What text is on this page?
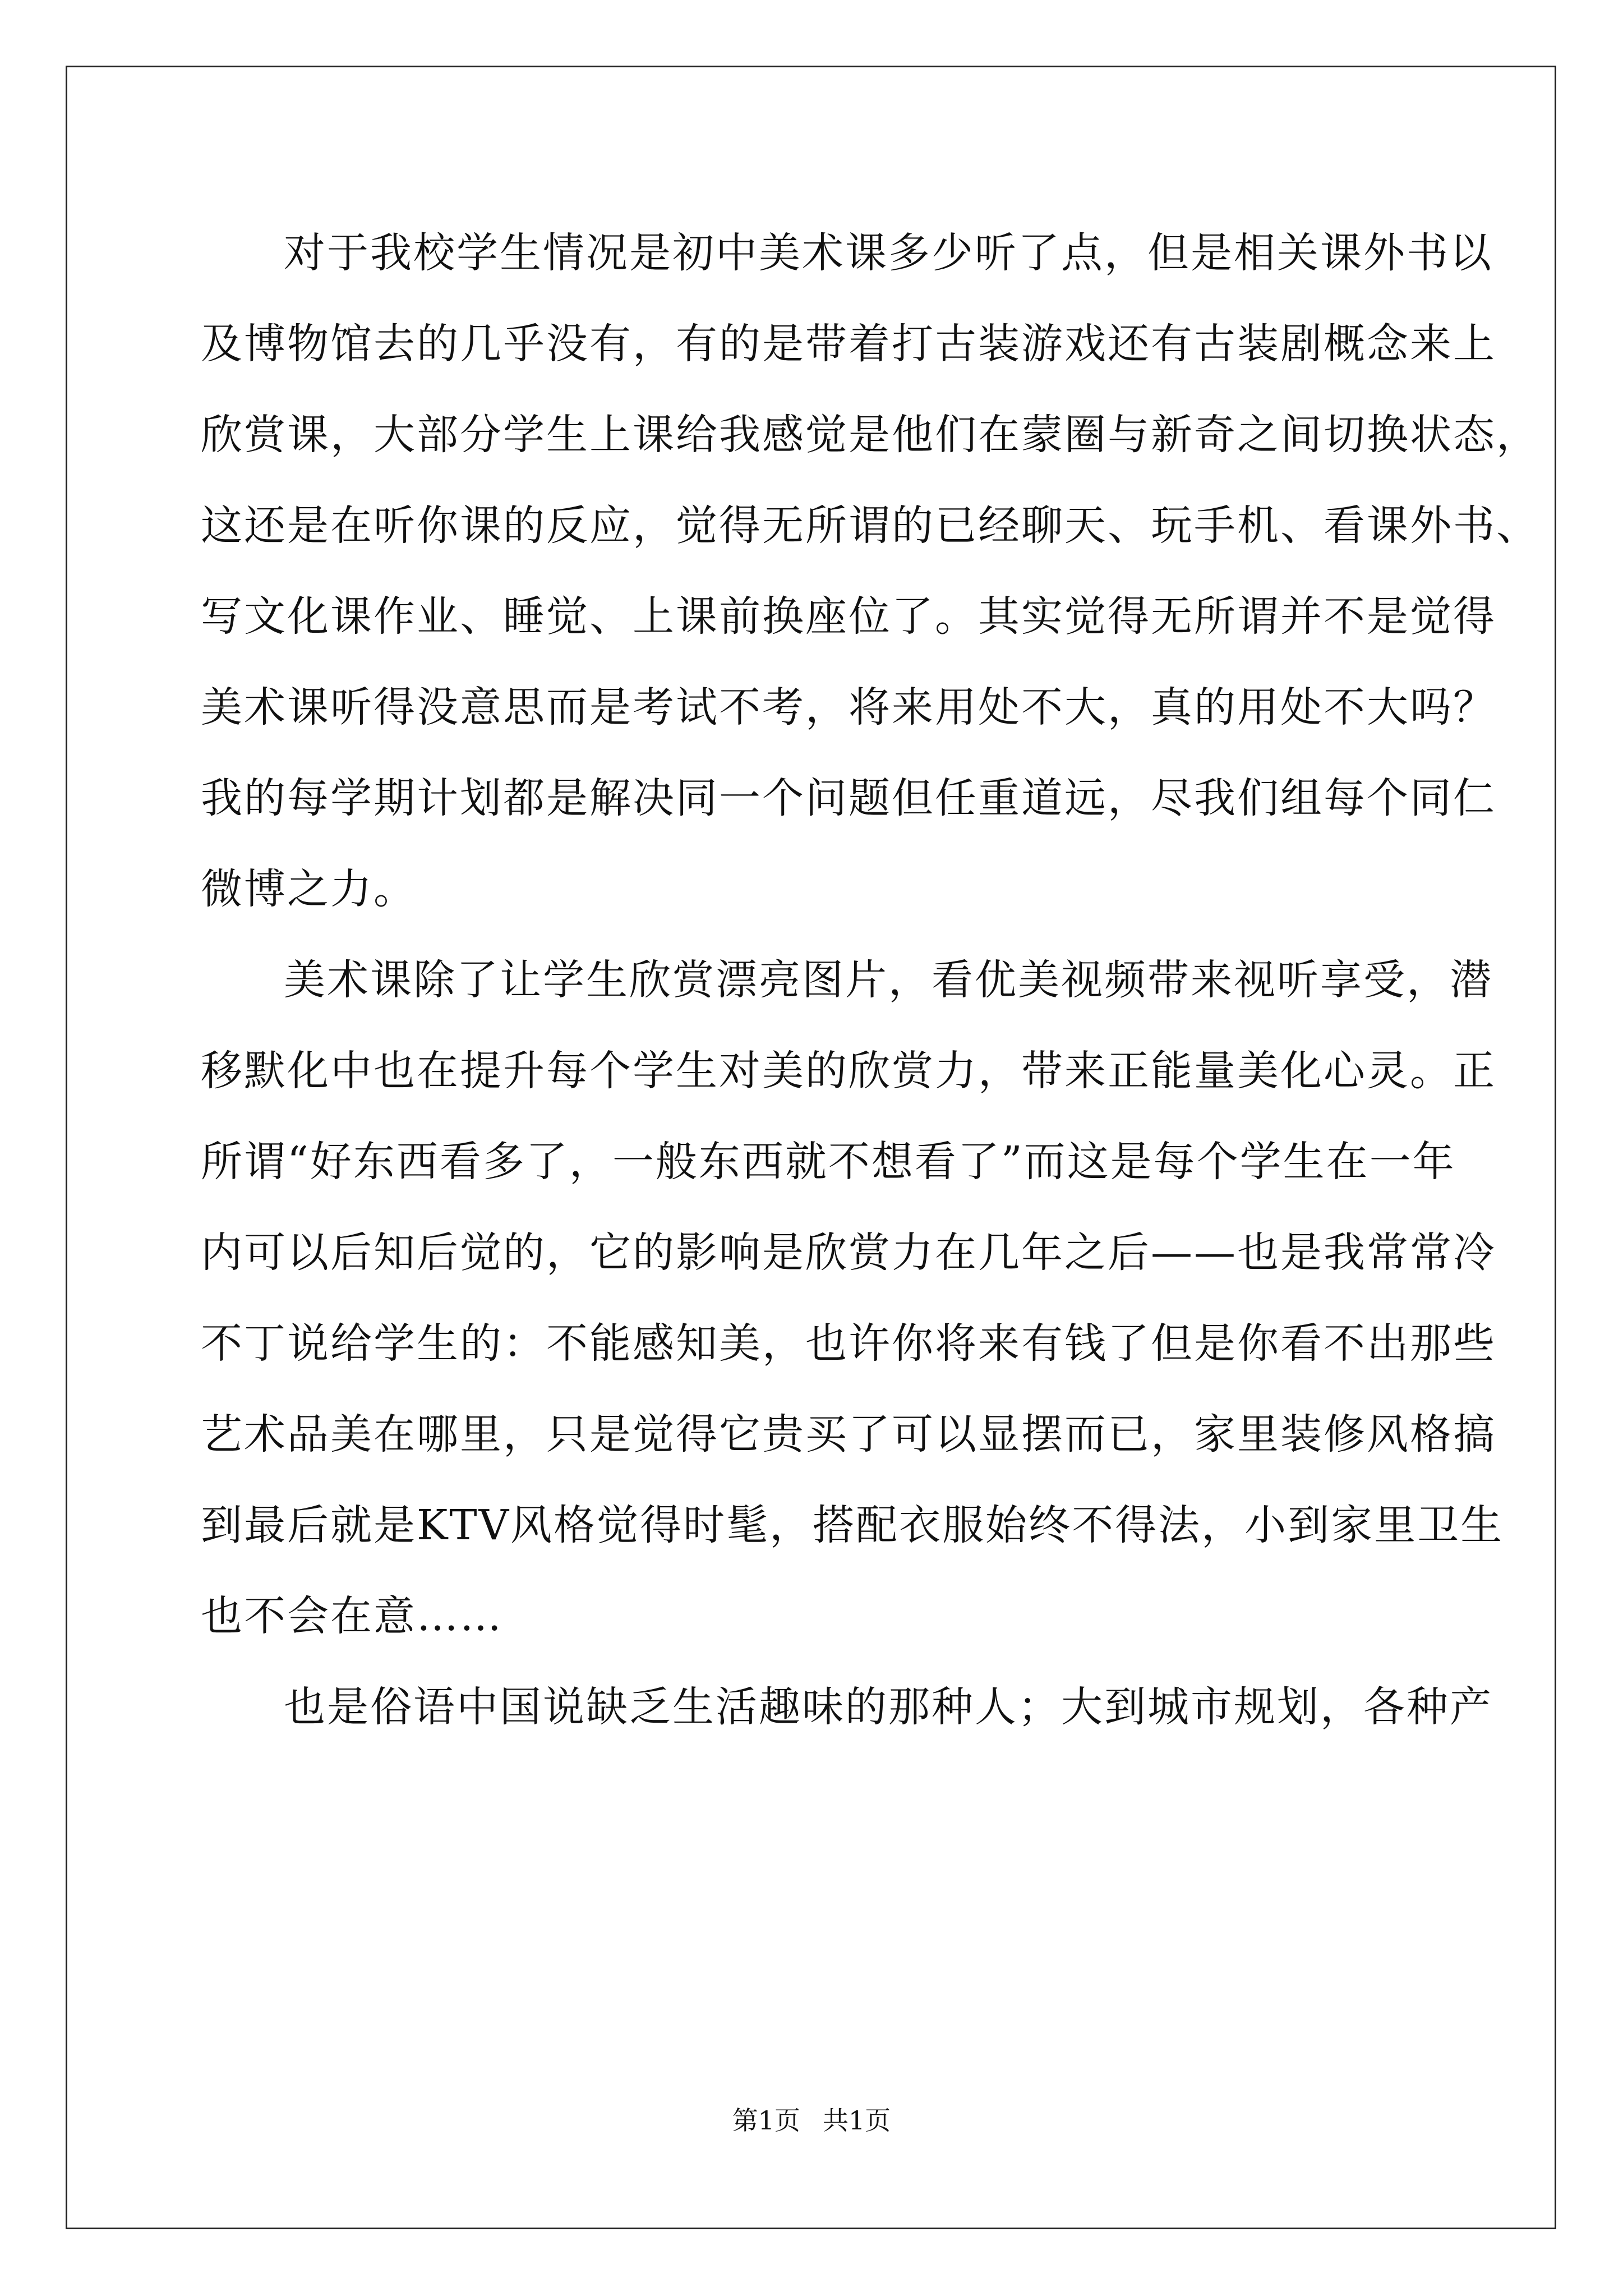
对于我校学生情况是初中美术课多少听了点，但是相关课外书以
及博物馆去的几乎没有，有的是带着打古装游戏还有古装剧概念来上
欣赏课，大部分学生上课给我感觉是他们在蒙圈与新奇之间切换状态，
这还是在听你课的反应，觉得无所谓的已经聊天、玩手机、看课外书、
写文化课作业、睡觉、上课前换座位了。其实觉得无所谓并不是觉得
美术课听得没意思而是考试不考，将来用处不大，真的用处不大吗？
我的每学期计划都是解决同一个问题但任重道远，尽我们组每个同仁
微博之力。
美术课除了让学生欣赏漂亮图片，看优美视频带来视听享受，潜
移默化中也在提升每个学生对美的欣赏力，带来正能量美化心灵。正
所谓“好东西看多了，一般东西就不想看了”而这是每个学生在一年
内可以后知后觉的，它的影响是欣赏力在几年之后——也是我常常冷
不丁说给学生的：不能感知美，也许你将来有钱了但是你看不出那些
艺术品美在哪里，只是觉得它贵买了可以显摆而已，家里装修风格搞
到最后就是KTV风格觉得时髦，搭配衣服始终不得法，小到家里卫生
也不会在意……
也是俗语中国说缺乏生活趣味的那种人；大到城市规划，各种产
第1页 共1页
